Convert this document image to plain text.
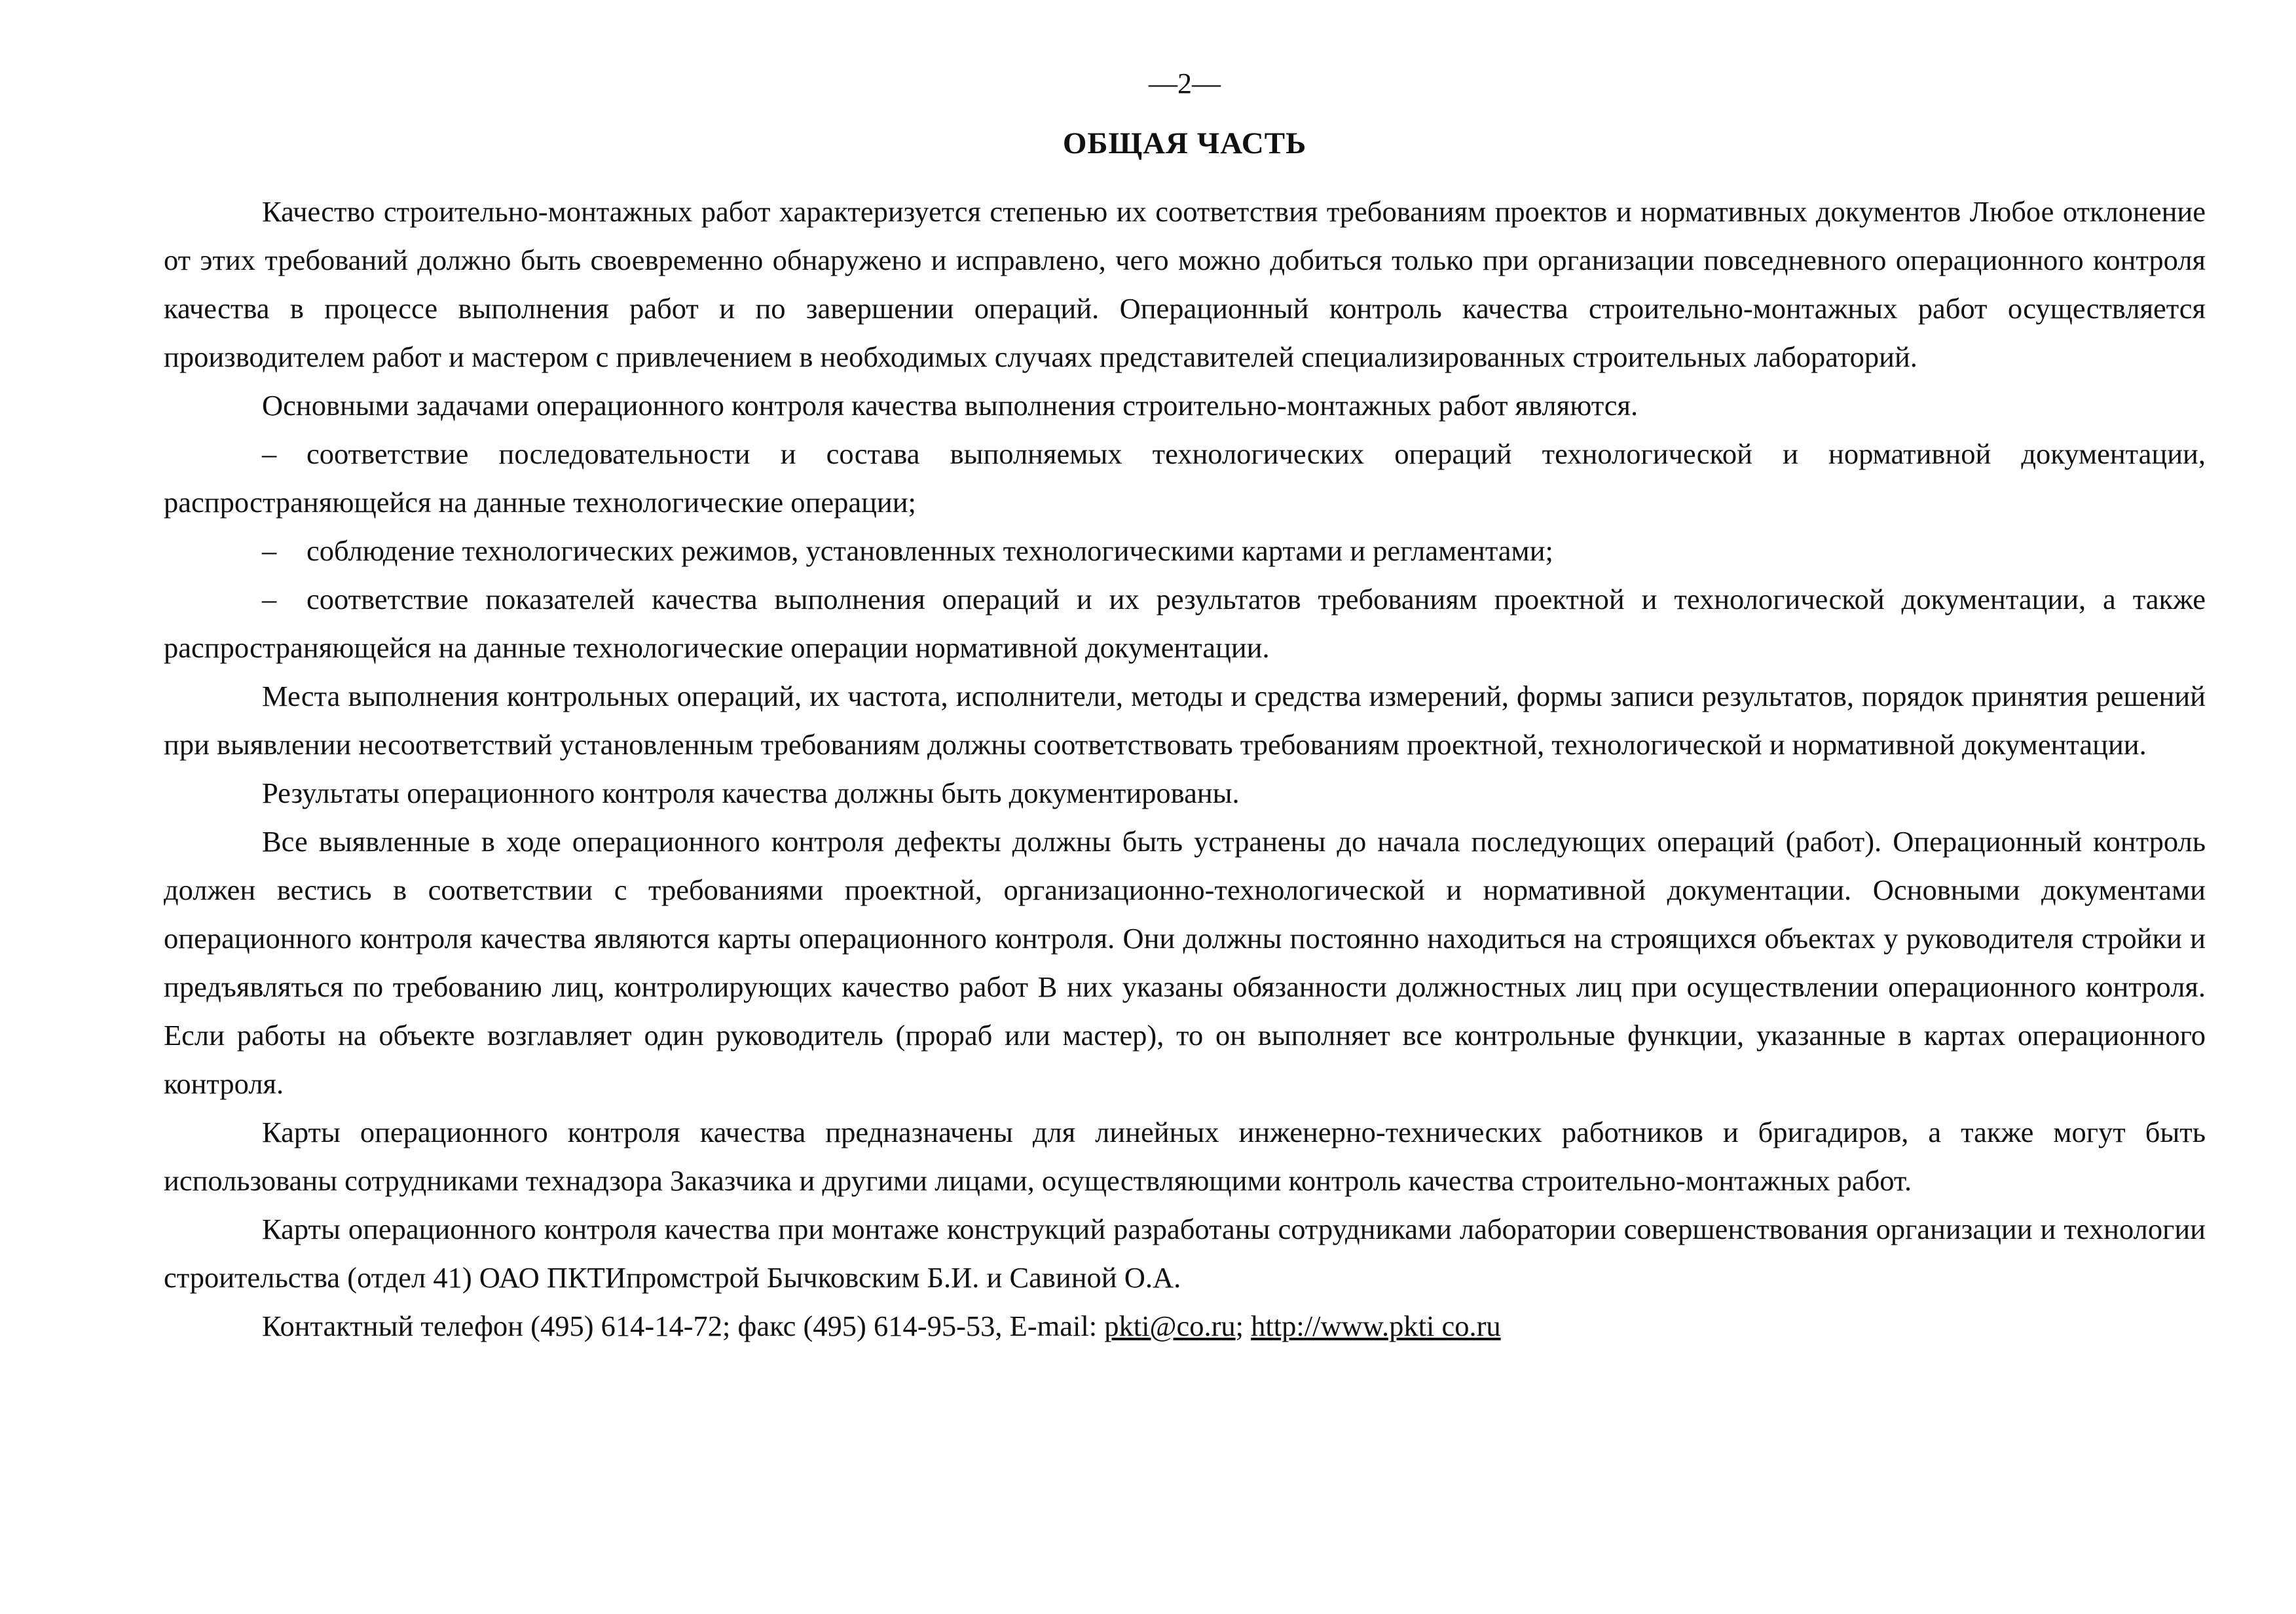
—2—
ОБЩАЯ ЧАСТЬ

Качество строительно-монтажных работ характеризуется степенью их соответствия требованиям проектов и нормативных документов Любое отклонение от этих требований должно быть своевременно обнаружено и исправлено, чего можно добиться только при организации повседневного операционного контроля качества в процессе выполнения работ и по завершении операций. Операционный контроль качества строительно-монтажных работ осуществляется производителем работ и мастером с привлечением в необходимых случаях представителей специализированных строительных лабораторий.

Основными задачами операционного контроля качества выполнения строительно-монтажных работ являются.

– соответствие последовательности и состава выполняемых технологических операций технологической и нормативной документации, распространяющейся на данные технологические операции;

– соблюдение технологических режимов, установленных технологическими картами и регламентами;

– соответствие показателей качества выполнения операций и их результатов требованиям проектной и технологической документации, а также распространяющейся на данные технологические операции нормативной документации.

Места выполнения контрольных операций, их частота, исполнители, методы и средства измерений, формы записи результатов, порядок принятия решений при выявлении несоответствий установленным требованиям должны соответствовать требованиям проектной, технологической и нормативной документации.

Результаты операционного контроля качества должны быть документированы.

Все выявленные в ходе операционного контроля дефекты должны быть устранены до начала последующих операций (работ). Операционный контроль должен вестись в соответствии с требованиями проектной, организационно-технологической и нормативной документации. Основными документами операционного контроля качества являются карты операционного контроля. Они должны постоянно находиться на строящихся объектах у руководителя стройки и предъявляться по требованию лиц, контролирующих качество работ В них указаны обязанности должностных лиц при осуществлении операционного контроля. Если работы на объекте возглавляет один руководитель (прораб или мастер), то он выполняет все контрольные функции, указанные в картах операционного контроля.

Карты операционного контроля качества предназначены для линейных инженерно-технических работников и бригадиров, а также могут быть использованы сотрудниками технадзора Заказчика и другими лицами, осуществляющими контроль качества строительно-монтажных работ.

Карты операционного контроля качества при монтаже конструкций разработаны сотрудниками лаборатории совершенствования организации и технологии строительства (отдел 41) ОАО ПКТИпромстрой Бычковским Б.И. и Савиной О.А.

Контактный телефон (495) 614-14-72; факс (495) 614-95-53, E-mail: pkti@co.ru; http://www.pkti co.ru
